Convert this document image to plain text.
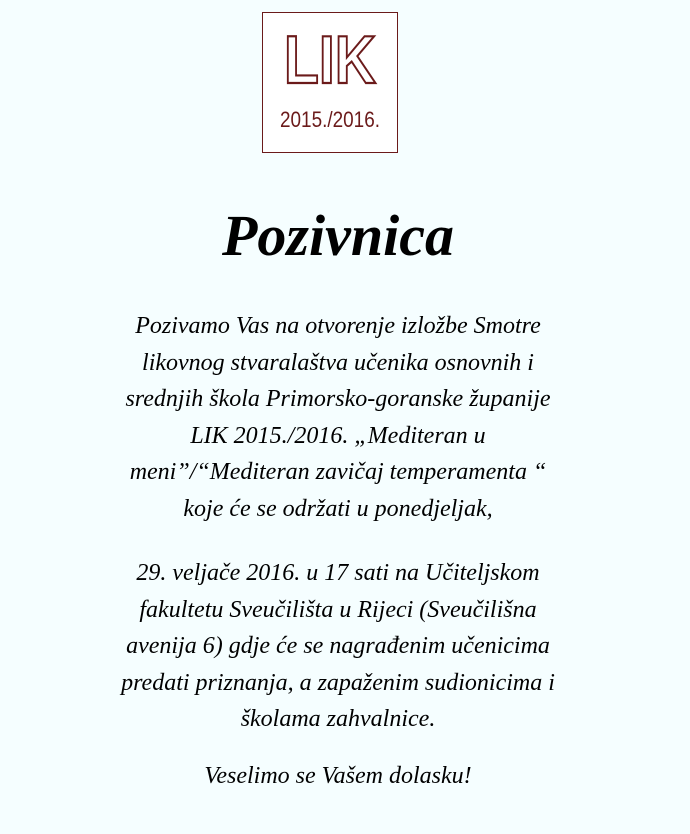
LIK
2015./2016.
Pozivnica

Pozivamo Vas na otvorenje izložbe Smotre
likovnog stvaralaštva učenika osnovnih i
srednjih škola Primorsko-goranske županije
LIK 2015./2016. „Mediteran u
meni”/“Mediteran zavičaj temperamenta “
koje će se održati u ponedjeljak,

29. veljače 2016. u 17 sati na Učiteljskom
fakultetu Sveučilišta u Rijeci (Sveučilišna
avenija 6) gdje će se nagrađenim učenicima
predati priznanja, a zapaženim sudionicima i
školama zahvalnice.

Veselimo se Vašem dolasku!
